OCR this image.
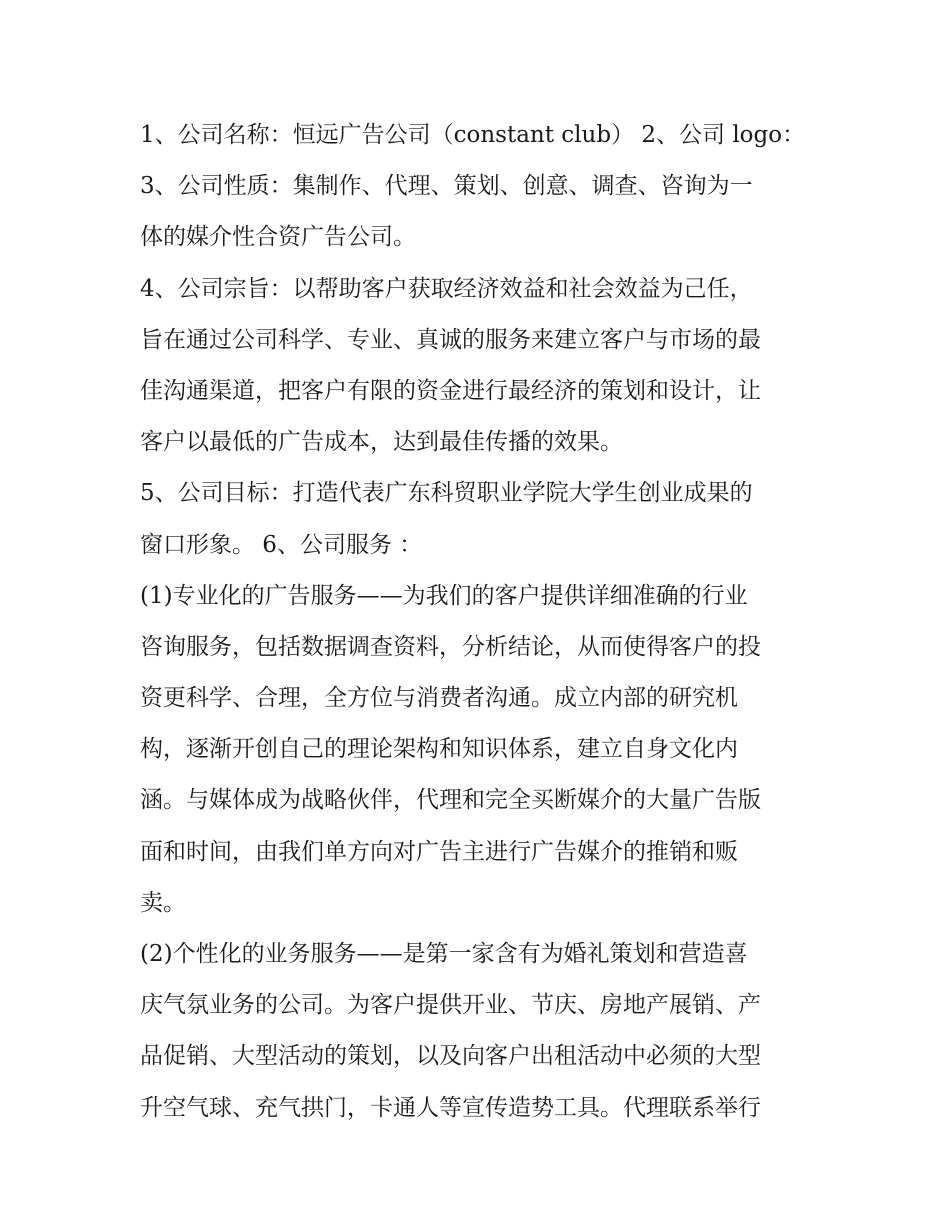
1、公司名称：恒远广告公司（constant club） 2、公司 logo：
3、公司性质：集制作、代理、策划、创意、调查、咨询为一
体的媒介性合资广告公司。
4、公司宗旨：以帮助客户获取经济效益和社会效益为己任，
旨在通过公司科学、专业、真诚的服务来建立客户与市场的最
佳沟通渠道，把客户有限的资金进行最经济的策划和设计，让
客户以最低的广告成本，达到最佳传播的效果。
5、公司目标：打造代表广东科贸职业学院大学生创业成果的
窗口形象。 6、公司服务 ：
(1)专业化的广告服务——为我们的客户提供详细准确的行业
咨询服务，包括数据调查资料，分析结论，从而使得客户的投
资更科学、合理，全方位与消费者沟通。成立内部的研究机
构，逐渐开创自己的理论架构和知识体系，建立自身文化内
涵。与媒体成为战略伙伴，代理和完全买断媒介的大量广告版
面和时间，由我们单方向对广告主进行广告媒介的推销和贩
卖。
(2)个性化的业务服务——是第一家含有为婚礼策划和营造喜
庆气氛业务的公司。为客户提供开业、节庆、房地产展销、产
品促销、大型活动的策划，以及向客户出租活动中必须的大型
升空气球、充气拱门，卡通人等宣传造势工具。代理联系举行
